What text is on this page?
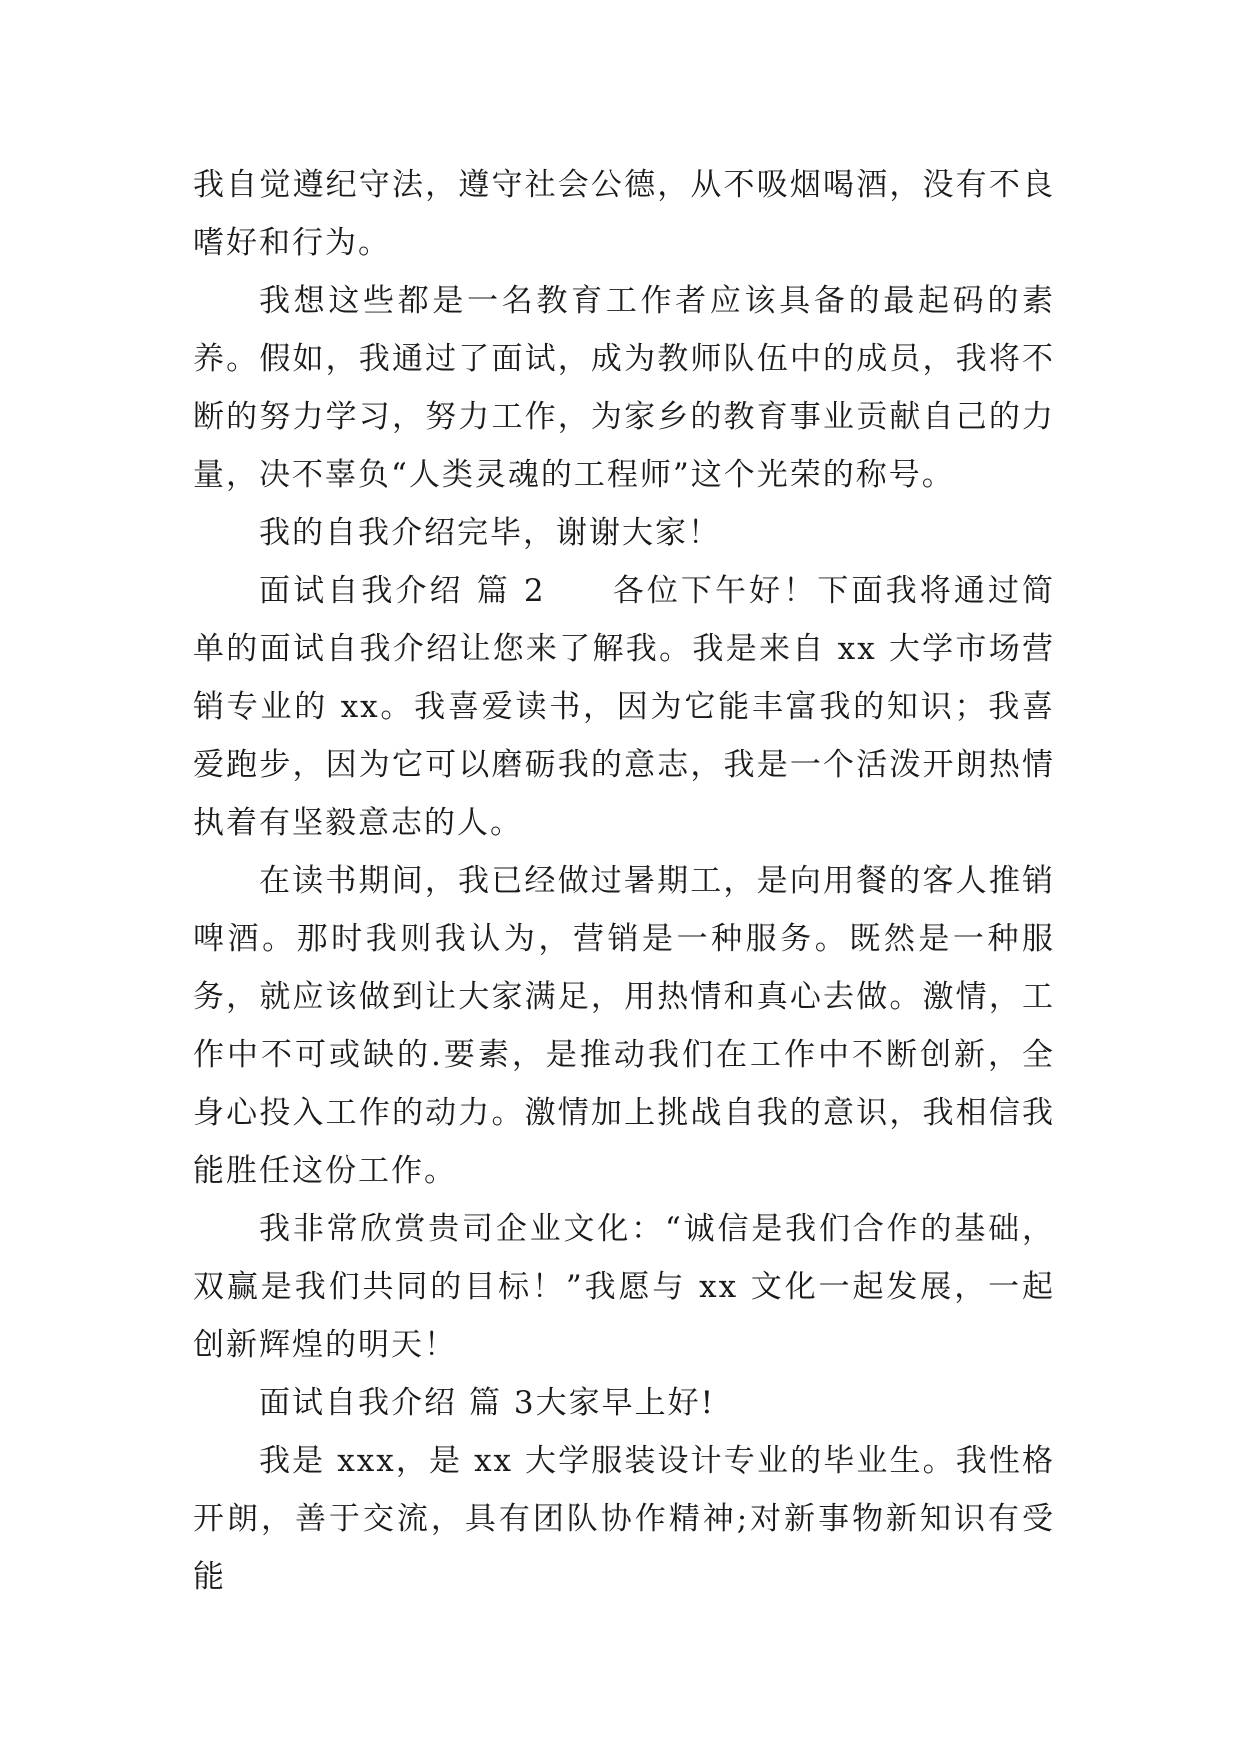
我自觉遵纪守法，遵守社会公德，从不吸烟喝酒，没有不良嗜好和行为。

我想这些都是一名教育工作者应该具备的最起码的素养。假如，我通过了面试，成为教师队伍中的成员，我将不断的努力学习，努力工作，为家乡的教育事业贡献自己的力量，决不辜负“人类灵魂的工程师”这个光荣的称号。

我的自我介绍完毕，谢谢大家！

面试自我介绍 篇 2 各位下午好！下面我将通过简单的面试自我介绍让您来了解我。我是来自 xx 大学市场营销专业的 xx。我喜爱读书，因为它能丰富我的知识；我喜爱跑步，因为它可以磨砺我的意志，我是一个活泼开朗热情执着有坚毅意志的人。

在读书期间，我已经做过暑期工，是向用餐的客人推销啤酒。那时我则我认为，营销是一种服务。既然是一种服务，就应该做到让大家满足，用热情和真心去做。激情，工作中不可或缺的.要素，是推动我们在工作中不断创新，全身心投入工作的动力。激情加上挑战自我的意识，我相信我能胜任这份工作。

我非常欣赏贵司企业文化：“诚信是我们合作的基础，双赢是我们共同的目标！”我愿与 xx 文化一起发展，一起创新辉煌的明天！

面试自我介绍 篇 3大家早上好!

我是 xxx，是 xx 大学服装设计专业的毕业生。我性格开朗，善于交流，具有团队协作精神;对新事物新知识有受能
